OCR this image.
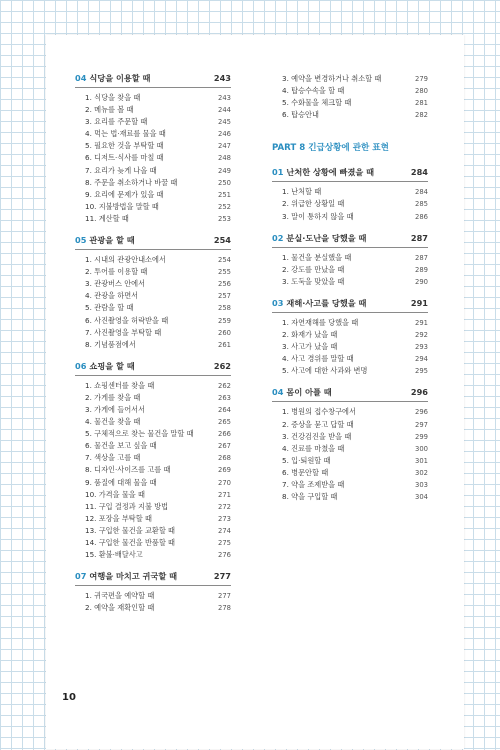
04 식당을 이용할 때	243
1. 식당을 찾을 때	243
2. 메뉴를 볼 때	244
3. 요리를 주문할 때	245
4. 먹는 법·재료를 물을 때	246
5. 필요한 것을 부탁할 때	247
6. 디저트·식사를 마칠 때	248
7. 요리가 늦게 나올 때	249
8. 주문을 취소하거나 바꿀 때	250
9. 요리에 문제가 있을 때	251
10. 지불방법을 말할 때	252
11. 계산할 때	253
05 관광을 할 때	254
1. 시내의 관광안내소에서	254
2. 투어를 이용할 때	255
3. 관광버스 안에서	256
4. 관광을 하면서	257
5. 관람을 할 때	258
6. 사진촬영을 허락받을 때	259
7. 사진촬영을 부탁할 때	260
8. 기념품점에서	261
06 쇼핑을 할 때	262
1. 쇼핑센터를 찾을 때	262
2. 가게를 찾을 때	263
3. 가게에 들어서서	264
4. 물건을 찾을 때	265
5. 구체적으로 찾는 물건을 말할 때	266
6. 물건을 보고 싶을 때	267
7. 색상을 고를 때	268
8. 디자인·사이즈를 고를 때	269
9. 품질에 대해 물을 때	270
10. 가격을 물을 때	271
11. 구입 결정과 지불 방법	272
12. 포장을 부탁할 때	273
13. 구입한 물건을 교환할 때	274
14. 구입한 물건을 반품할 때	275
15. 환불·배달사고	276
07 여행을 마치고 귀국할 때	277
1. 귀국편을 예약할 때	277
2. 예약을 재확인할 때	278
3. 예약을 변경하거나 취소할 때	279
4. 탑승수속을 할 때	280
5. 수화물을 체크할 때	281
6. 탑승안내	282
PART 8 긴급상황에 관한 표현
01 난처한 상황에 빠졌을 때	284
1. 난처할 때	284
2. 위급한 상황일 때	285
3. 말이 통하지 않을 때	286
02 분실·도난을 당했을 때	287
1. 물건을 분실했을 때	287
2. 강도를 만났을 때	289
3. 도둑을 맞았을 때	290
03 재해·사고를 당했을 때	291
1. 자연재해를 당했을 때	291
2. 화재가 났을 때	292
3. 사고가 났을 때	293
4. 사고 경위를 말할 때	294
5. 사고에 대한 사과와 변명	295
04 몸이 아플 때	296
1. 병원의 접수창구에서	296
2. 증상을 묻고 답할 때	297
3. 건강검진을 받을 때	299
4. 진료를 마쳤을 때	300
5. 입·퇴원할 때	301
6. 병문안할 때	302
7. 약을 조제받을 때	303
8. 약을 구입할 때	304
10
